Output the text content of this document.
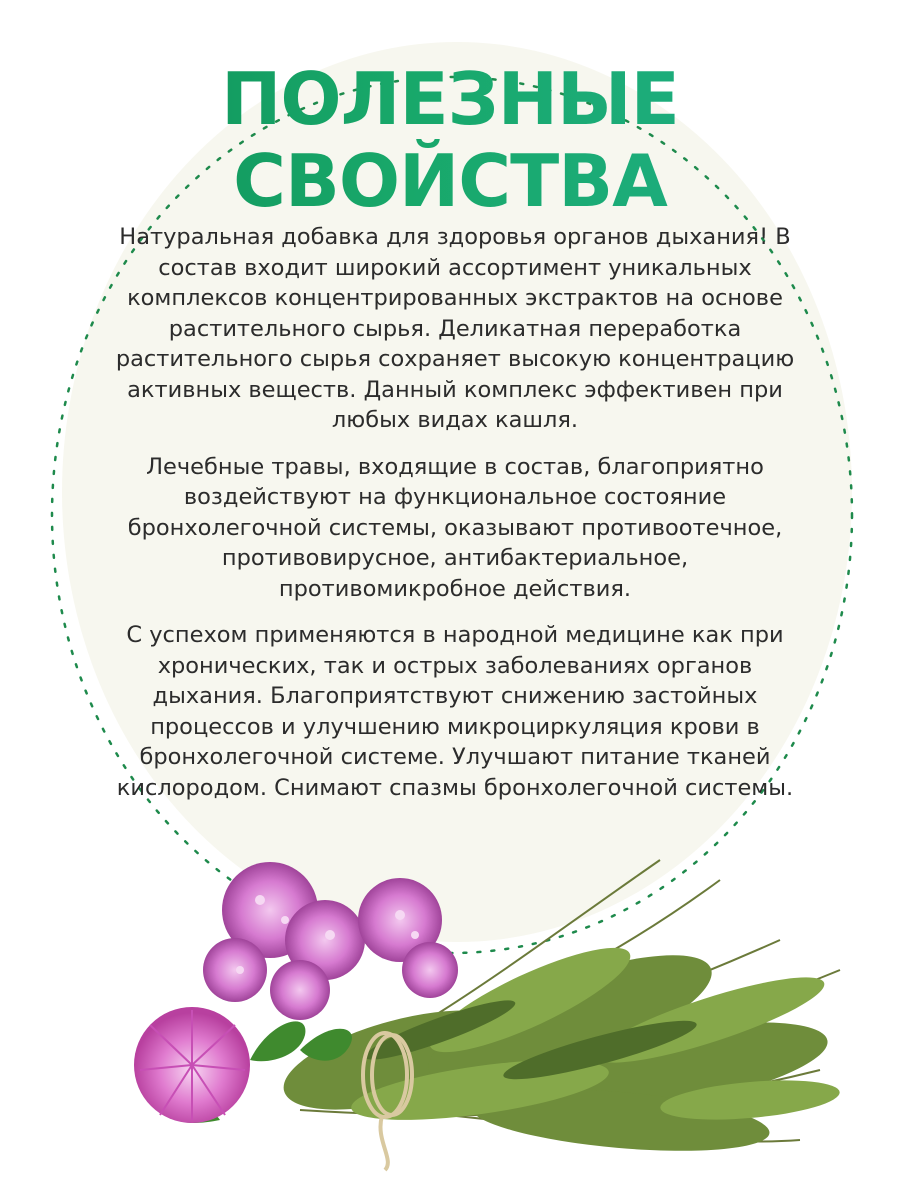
ПОЛЕЗНЫЕ
СВОЙСТВА

Натуральная добавка для здоровья органов дыхания! В состав входит широкий ассортимент уникальных комплексов концентрированных экстрактов на основе растительного сырья. Деликатная переработка растительного сырья сохраняет высокую концентрацию активных веществ. Данный комплекс эффективен при любых видах кашля.

Лечебные травы, входящие в состав, благоприятно воздействуют на функциональное состояние бронхолегочной системы, оказывают противоотечное, противовирусное, антибактериальное, противомикробное действия.

С успехом применяются в народной медицине как при хронических, так и острых заболеваниях органов дыхания. Благоприятствуют снижению застойных процессов и улучшению микроциркуляция крови в бронхолегочной системе. Улучшают питание тканей кислородом. Снимают спазмы бронхолегочной системы.
